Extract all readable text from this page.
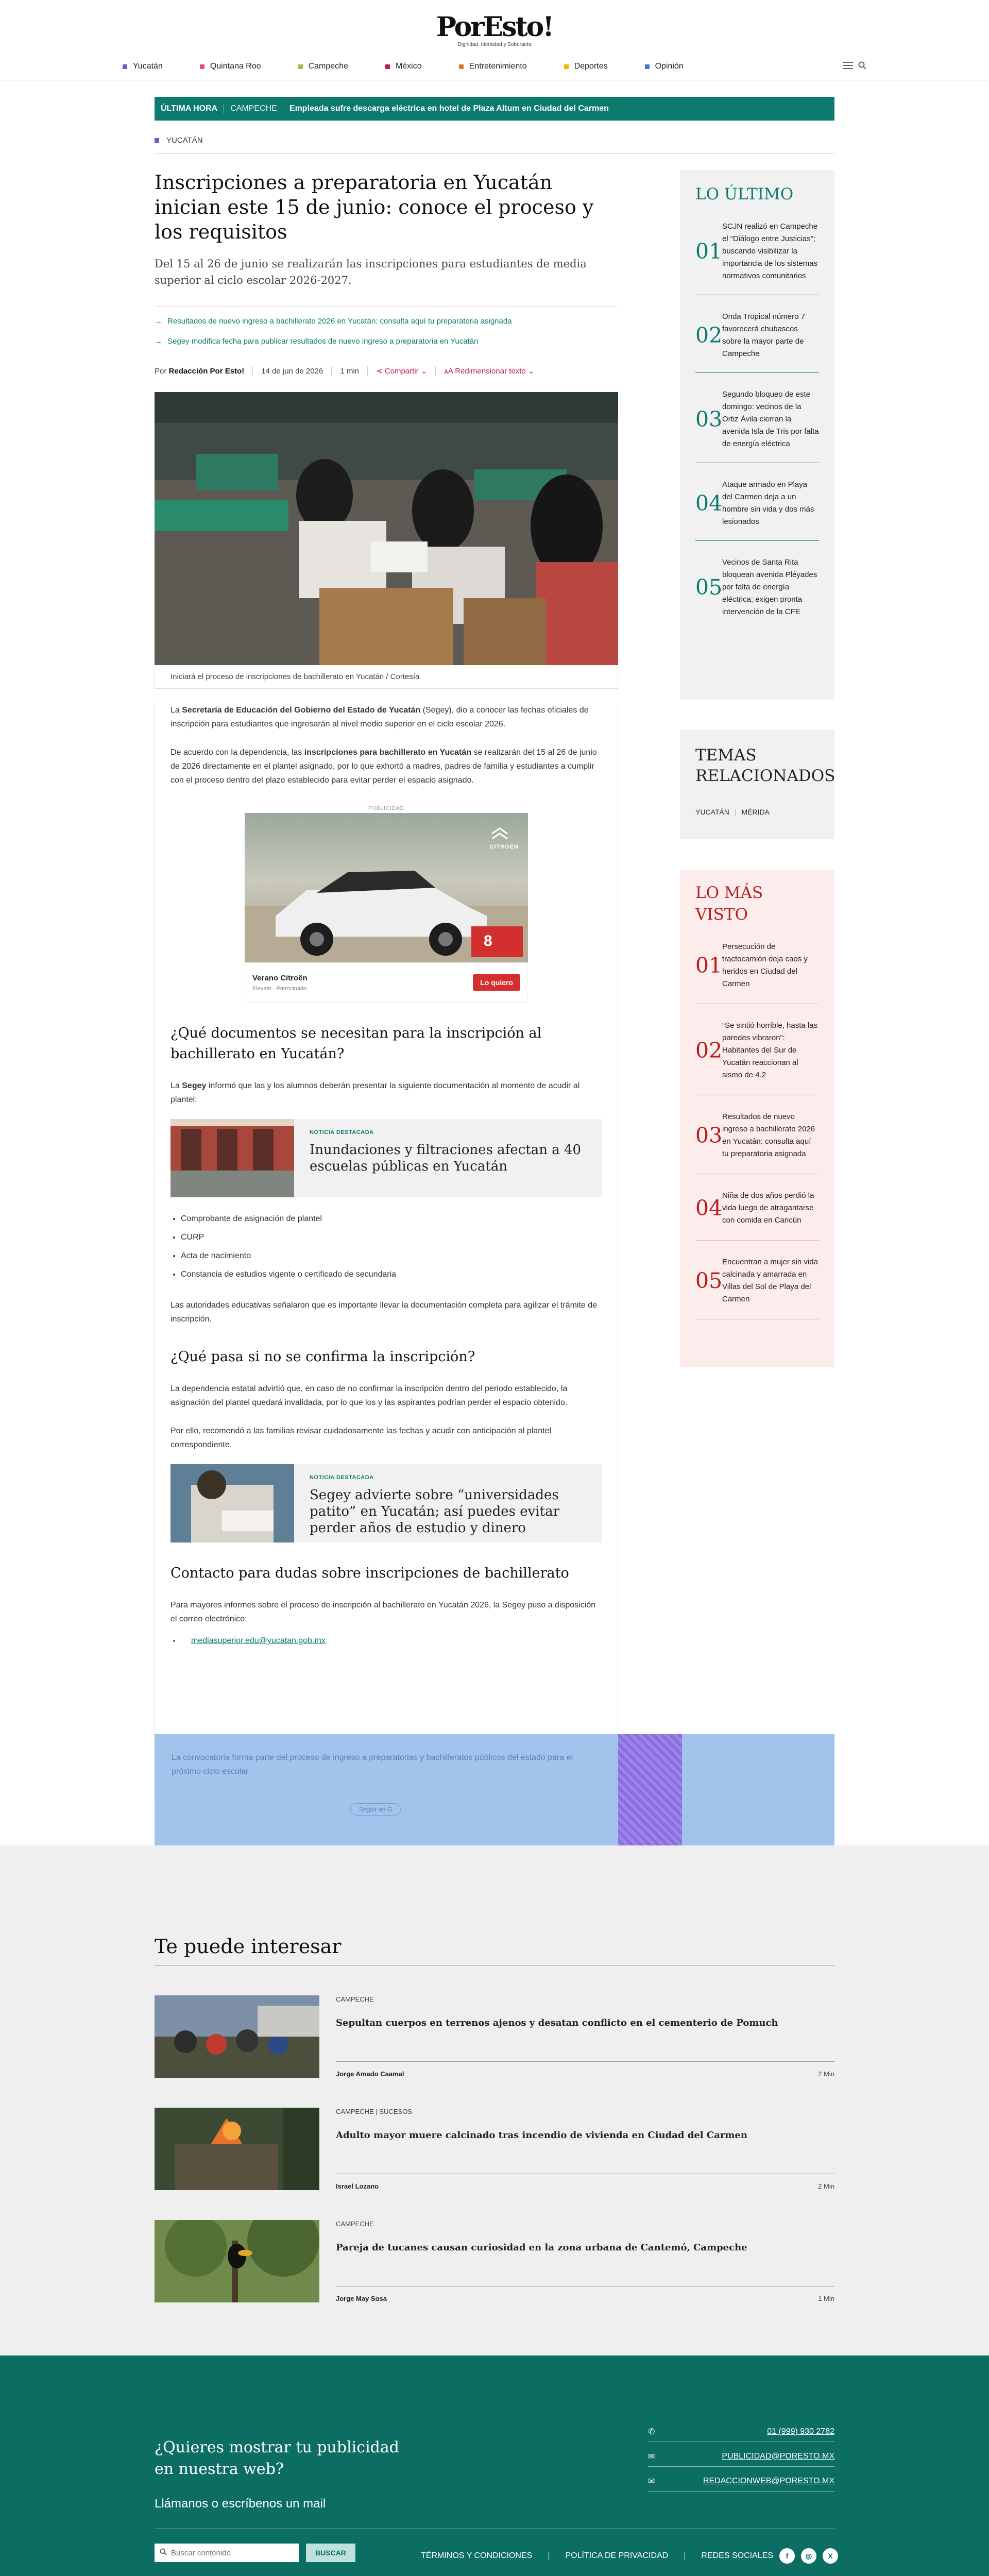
PorEsto!
Dignidad, Identidad y Soberanía
Yucatán	Quintana Roo	Campeche	México	Entretenimiento	Deportes	Opinión
ÚLTIMA HORA	CAMPECHE	Empleada sufre descarga eléctrica en hotel de Plaza Altum en Ciudad del Carmen
YUCATÁN
Inscripciones a preparatoria en Yucatán inician este 15 de junio: conoce el proceso y los requisitos
Del 15 al 26 de junio se realizarán las inscripciones para estudiantes de media superior al ciclo escolar 2026-2027.
→ Resultados de nuevo ingreso a bachillerato 2026 en Yucatán: consulta aquí tu preparatoria asignada
→ Segey modifica fecha para publicar resultados de nuevo ingreso a preparatoria en Yucatán
Por
Redacción Por Esto! 14 de jun de 2026 1 min ⋖ Compartir ⌄ ᴀA Redimensionar texto ⌄
Iniciará el proceso de inscripciones de bachillerato en Yucatán / Cortesía

La Secretaría de Educación del Gobierno del Estado de Yucatán (Segey), dio a conocer las fechas oficiales de inscripción para estudiantes que ingresarán al nivel medio superior en el ciclo escolar 2026.

De acuerdo con la dependencia, las inscripciones para bachillerato en Yucatán se realizarán del 15 al 26 de junio de 2026 directamente en el plantel asignado, por lo que exhortó a madres, padres de familia y estudiantes a cumplir con el proceso dentro del plazo establecido para evitar perder el espacio asignado.

PUBLICIDAD
8
CITROËN
Verano Citroën
Elevate · Patrocinado
Lo quiero
¿Qué documentos se necesitan para la inscripción al bachillerato en Yucatán?

La Segey informó que las y los alumnos deberán presentar la siguiente documentación al momento de acudir al plantel:

NOTICIA DESTACADA
Inundaciones y filtraciones afectan a 40 escuelas públicas en Yucatán
• Comprobante de asignación de plantel
• CURP
• Acta de nacimiento
• Constancia de estudios vigente o certificado de secundaria

Las autoridades educativas señalaron que es importante llevar la documentación completa para agilizar el trámite de inscripción.

¿Qué pasa si no se confirma la inscripción?

La dependencia estatal advirtió que, en caso de no confirmar la inscripción dentro del periodo establecido, la asignación del plantel quedará invalidada, por lo que los y las aspirantes podrían perder el espacio obtenido.

Por ello, recomendó a las familias revisar cuidadosamente las fechas y acudir con anticipación al plantel correspondiente.

NOTICIA DESTACADA
Segey advierte sobre “universidades patito” en Yucatán; así puedes evitar perder años de estudio y dinero
Contacto para dudas sobre inscripciones de bachillerato

Para mayores informes sobre el proceso de inscripción al bachillerato en Yucatán 2026, la Segey puso a disposición el correo electrónico:

• mediasuperior.edu@yucatan.gob.mx
La convocatoria forma parte del proceso de ingreso a preparatorias y bachilleratos públicos del estado para el próximo ciclo escolar.
Seguir en G
LO ÚLTIMO
01
SCJN realizó en Campeche el “Diálogo entre Justicias”; buscando visibilizar la importancia de los sistemas normativos comunitarios
02
Onda Tropical número 7 favorecerá chubascos sobre la mayor parte de Campeche
03
Segundo bloqueo de este domingo: vecinos de la Ortiz Ávila cierran la avenida Isla de Tris por falta de energía eléctrica
04
Ataque armado en Playa del Carmen deja a un hombre sin vida y dos más lesionados
05
Vecinos de Santa Rita bloquean avenida Pléyades por falta de energía eléctrica; exigen pronta intervención de la CFE
TEMAS RELACIONADOS
YUCATÁN | MÉRIDA
LO MÁS VISTO
01
Persecución de tractocamión deja caos y heridos en Ciudad del Carmen
02
“Se sintió horrible, hasta las paredes vibraron”: Habitantes del Sur de Yucatán reaccionan al sismo de 4.2
03
Resultados de nuevo ingreso a bachillerato 2026 en Yucatán: consulta aquí tu preparatoria asignada
04 Niña de dos años perdió la vida luego de atragantarse con comida en Cancún
05
Encuentran a mujer sin vida calcinada y amarrada en Villas del Sol de Playa del Carmen
Te puede interesar
CAMPECHE
Sepultan cuerpos en terrenos ajenos y desatan conflicto en el cementerio de Pomuch
Jorge Amado Caamal	2 Min
CAMPECHE | SUCESOS
Adulto mayor muere calcinado tras incendio de vivienda en Ciudad del Carmen
Israel Lozano	2 Min
CAMPECHE
Pareja de tucanes causan curiosidad en la zona urbana de Cantemó, Campeche
Jorge May Sosa	1 Min
¿Quieres mostrar tu publicidad en nuestra web?
Llámanos o escríbenos un mail
✆	01 (999) 930 2782
✉	PUBLICIDAD@PORESTO.MX
✉	REDACCIONWEB@PORESTO.MX
Buscar contenido
BUSCAR	TÉRMINOS Y CONDICIONES | POLÍTICA DE PRIVACIDAD | REDES SOCIALES	f	◎	X
